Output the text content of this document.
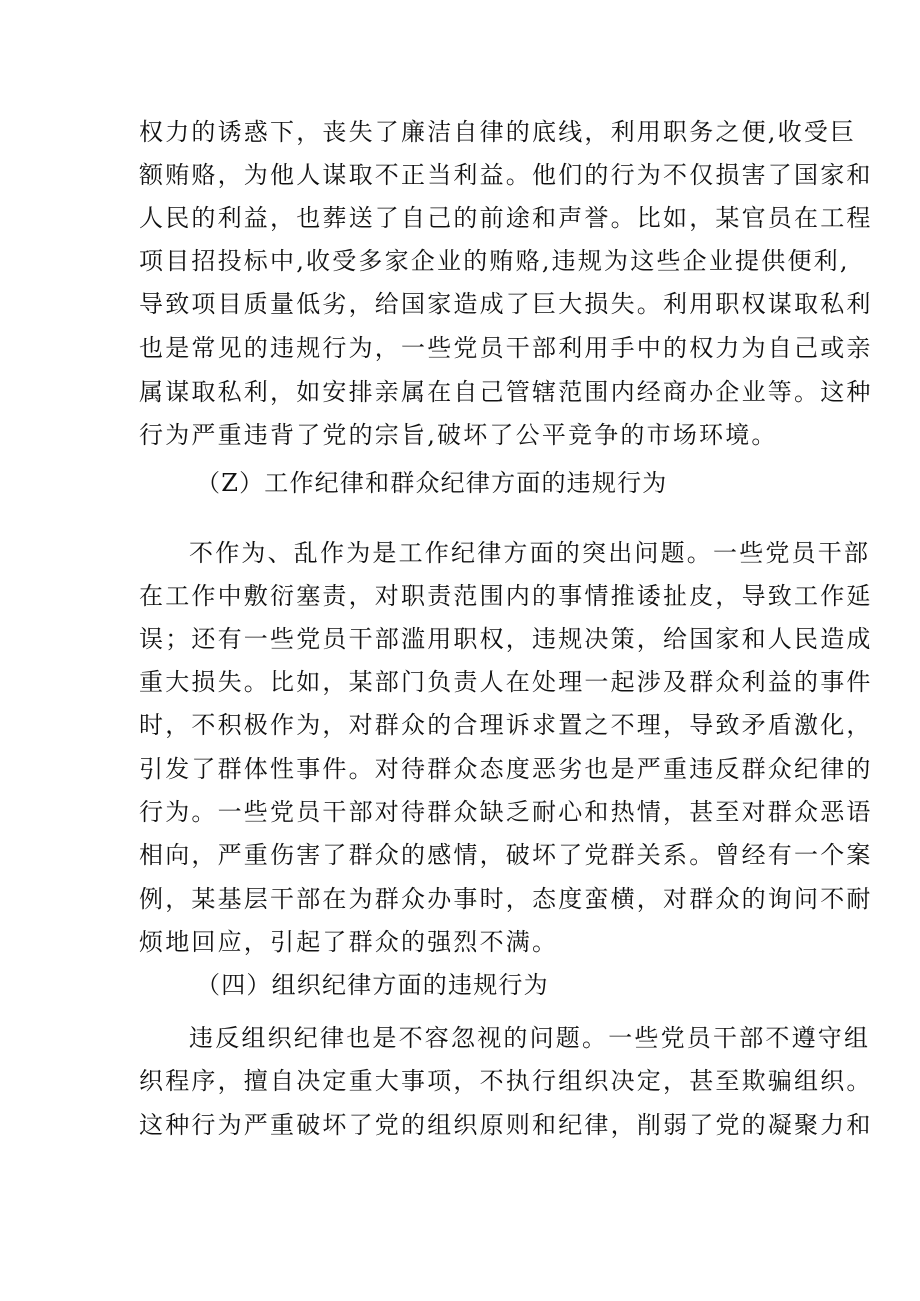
权力的诱惑下，丧失了廉洁自律的底线，利用职务之便,收受巨
额贿赂，为他人谋取不正当利益。他们的行为不仅损害了国家和
人民的利益，也葬送了自己的前途和声誉。比如，某官员在工程
项目招投标中,收受多家企业的贿赂,违规为这些企业提供便利,
导致项目质量低劣，给国家造成了巨大损失。利用职权谋取私利
也是常见的违规行为，一些党员干部利用手中的权力为自己或亲
属谋取私利，如安排亲属在自己管辖范围内经商办企业等。这种
行为严重违背了党的宗旨,破坏了公平竞争的市场环境。
（Z）工作纪律和群众纪律方面的违规行为
不作为、乱作为是工作纪律方面的突出问题。一些党员干部
在工作中敷衍塞责，对职责范围内的事情推诿扯皮，导致工作延
误；还有一些党员干部滥用职权，违规决策，给国家和人民造成
重大损失。比如，某部门负责人在处理一起涉及群众利益的事件
时，不积极作为，对群众的合理诉求置之不理，导致矛盾激化，
引发了群体性事件。对待群众态度恶劣也是严重违反群众纪律的
行为。一些党员干部对待群众缺乏耐心和热情，甚至对群众恶语
相向，严重伤害了群众的感情，破坏了党群关系。曾经有一个案
例，某基层干部在为群众办事时，态度蛮横，对群众的询问不耐
烦地回应，引起了群众的强烈不满。
（四）组织纪律方面的违规行为
违反组织纪律也是不容忽视的问题。一些党员干部不遵守组
织程序，擅自决定重大事项，不执行组织决定，甚至欺骗组织。
这种行为严重破坏了党的组织原则和纪律，削弱了党的凝聚力和
